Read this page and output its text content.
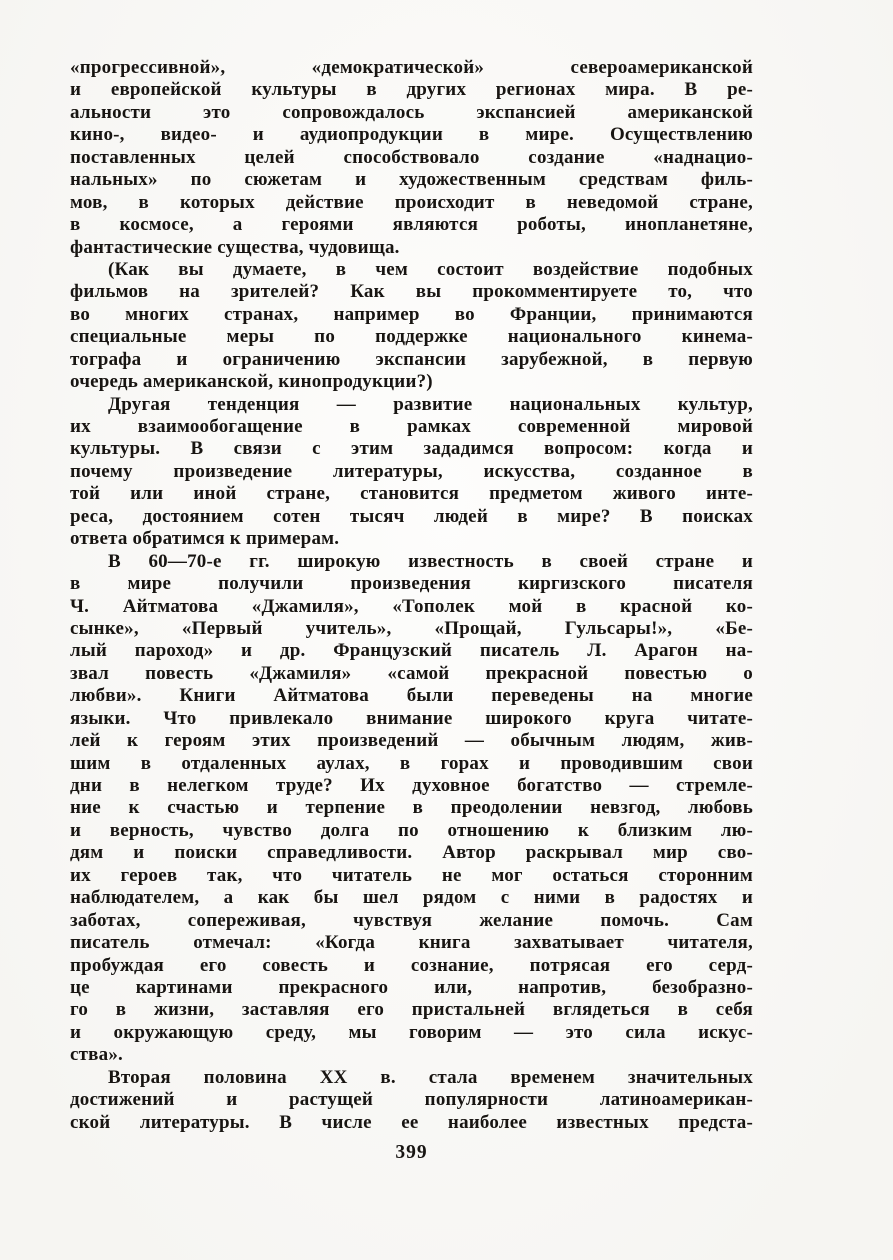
«прогрессивной», «демократической» североамериканской
и европейской культуры в других регионах мира. В ре-
альности это сопровождалось экспансией американской
кино-, видео- и аудиопродукции в мире. Осуществлению
поставленных целей способствовало создание «наднацио-
нальных» по сюжетам и художественным средствам филь-
мов, в которых действие происходит в неведомой стране,
в космосе, а героями являются роботы, инопланетяне,
фантастические существа, чудовища.
(Как вы думаете, в чем состоит воздействие подобных
фильмов на зрителей? Как вы прокомментируете то, что
во многих странах, например во Франции, принимаются
специальные меры по поддержке национального кинема-
тографа и ограничению экспансии зарубежной, в первую
очередь американской, кинопродукции?)
Другая тенденция — развитие национальных культур,
их взаимообогащение в рамках современной мировой
культуры. В связи с этим зададимся вопросом: когда и
почему произведение литературы, искусства, созданное в
той или иной стране, становится предметом живого инте-
реса, достоянием сотен тысяч людей в мире? В поисках
ответа обратимся к примерам.
В 60—70-е гг. широкую известность в своей стране и
в мире получили произведения киргизского писателя
Ч. Айтматова «Джамиля», «Тополек мой в красной ко-
сынке», «Первый учитель», «Прощай, Гульсары!», «Бе-
лый пароход» и др. Французский писатель Л. Арагон на-
звал повесть «Джамиля» «самой прекрасной повестью о
любви». Книги Айтматова были переведены на многие
языки. Что привлекало внимание широкого круга читате-
лей к героям этих произведений — обычным людям, жив-
шим в отдаленных аулах, в горах и проводившим свои
дни в нелегком труде? Их духовное богатство — стремле-
ние к счастью и терпение в преодолении невзгод, любовь
и верность, чувство долга по отношению к близким лю-
дям и поиски справедливости. Автор раскрывал мир сво-
их героев так, что читатель не мог остаться сторонним
наблюдателем, а как бы шел рядом с ними в радостях и
заботах, сопереживая, чувствуя желание помочь. Сам
писатель отмечал: «Когда книга захватывает читателя,
пробуждая его совесть и сознание, потрясая его серд-
це картинами прекрасного или, напротив, безобразно-
го в жизни, заставляя его пристальней вглядеться в себя
и окружающую среду, мы говорим — это сила искус-
ства».
Вторая половина XX в. стала временем значительных
достижений и растущей популярности латиноамерикан-
ской литературы. В числе ее наиболее известных предста-
399
